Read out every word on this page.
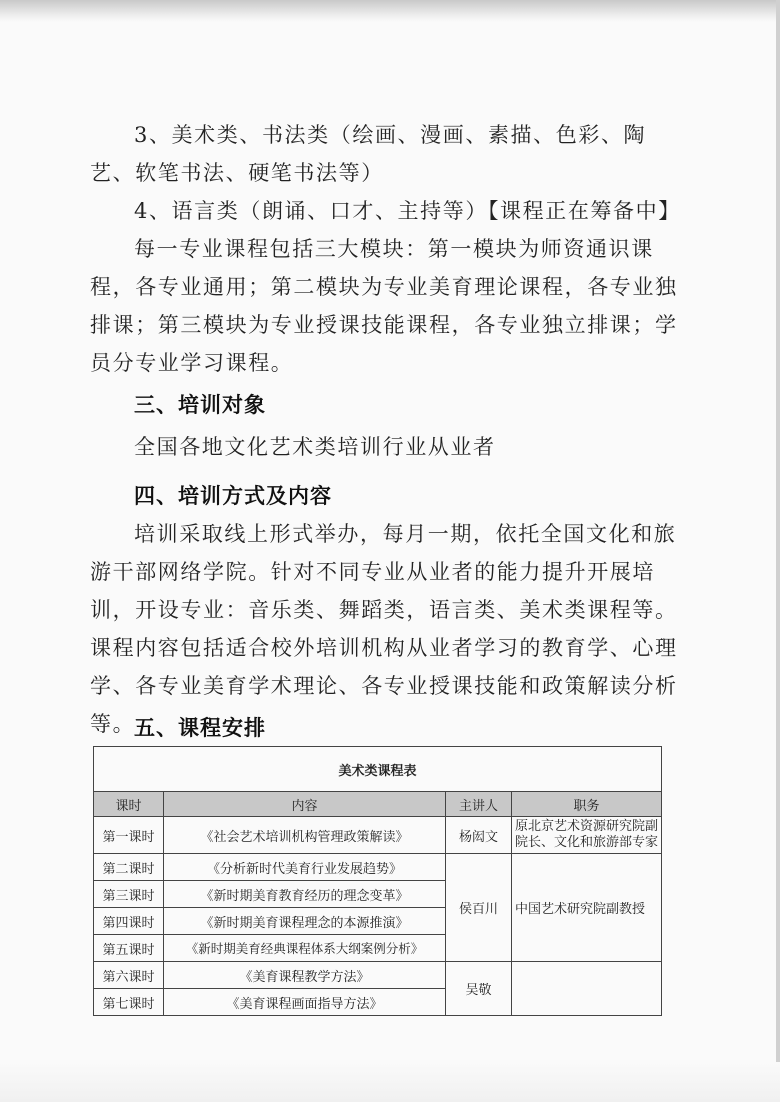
3、美术类、书法类（绘画、漫画、素描、色彩、陶艺、软笔书法、硬笔书法等）

4、语言类（朗诵、口才、主持等）【课程正在筹备中】

每一专业课程包括三大模块：第一模块为师资通识课程，各专业通用；第二模块为专业美育理论课程，各专业独排课；第三模块为专业授课技能课程，各专业独立排课；学员分专业学习课程。

三、培训对象

全国各地文化艺术类培训行业从业者

四、培训方式及内容

培训采取线上形式举办，每月一期，依托全国文化和旅游干部网络学院。针对不同专业从业者的能力提升开展培训，开设专业：音乐类、舞蹈类，语言类、美术类课程等。课程内容包括适合校外培训机构从业者学习的教育学、心理学、各专业美育学术理论、各专业授课技能和政策解读分析等。

五、课程安排
美术类课程表			
课时	内容	主讲人	职务
第一课时	《社会艺术培训机构管理政策解读》	杨闳文	原北京艺术资源研究院副院长、文化和旅游部专家
第二课时	《分析新时代美育行业发展趋势》	侯百川	中国艺术研究院副教授
第三课时	《新时期美育教育经历的理念变革》		
第四课时	《新时期美育课程理念的本源推演》		
第五课时	《新时期美育经典课程体系大纲案例分析》		
第六课时	《美育课程教学方法》	吴敬	
第七课时	《美育课程画面指导方法》		
